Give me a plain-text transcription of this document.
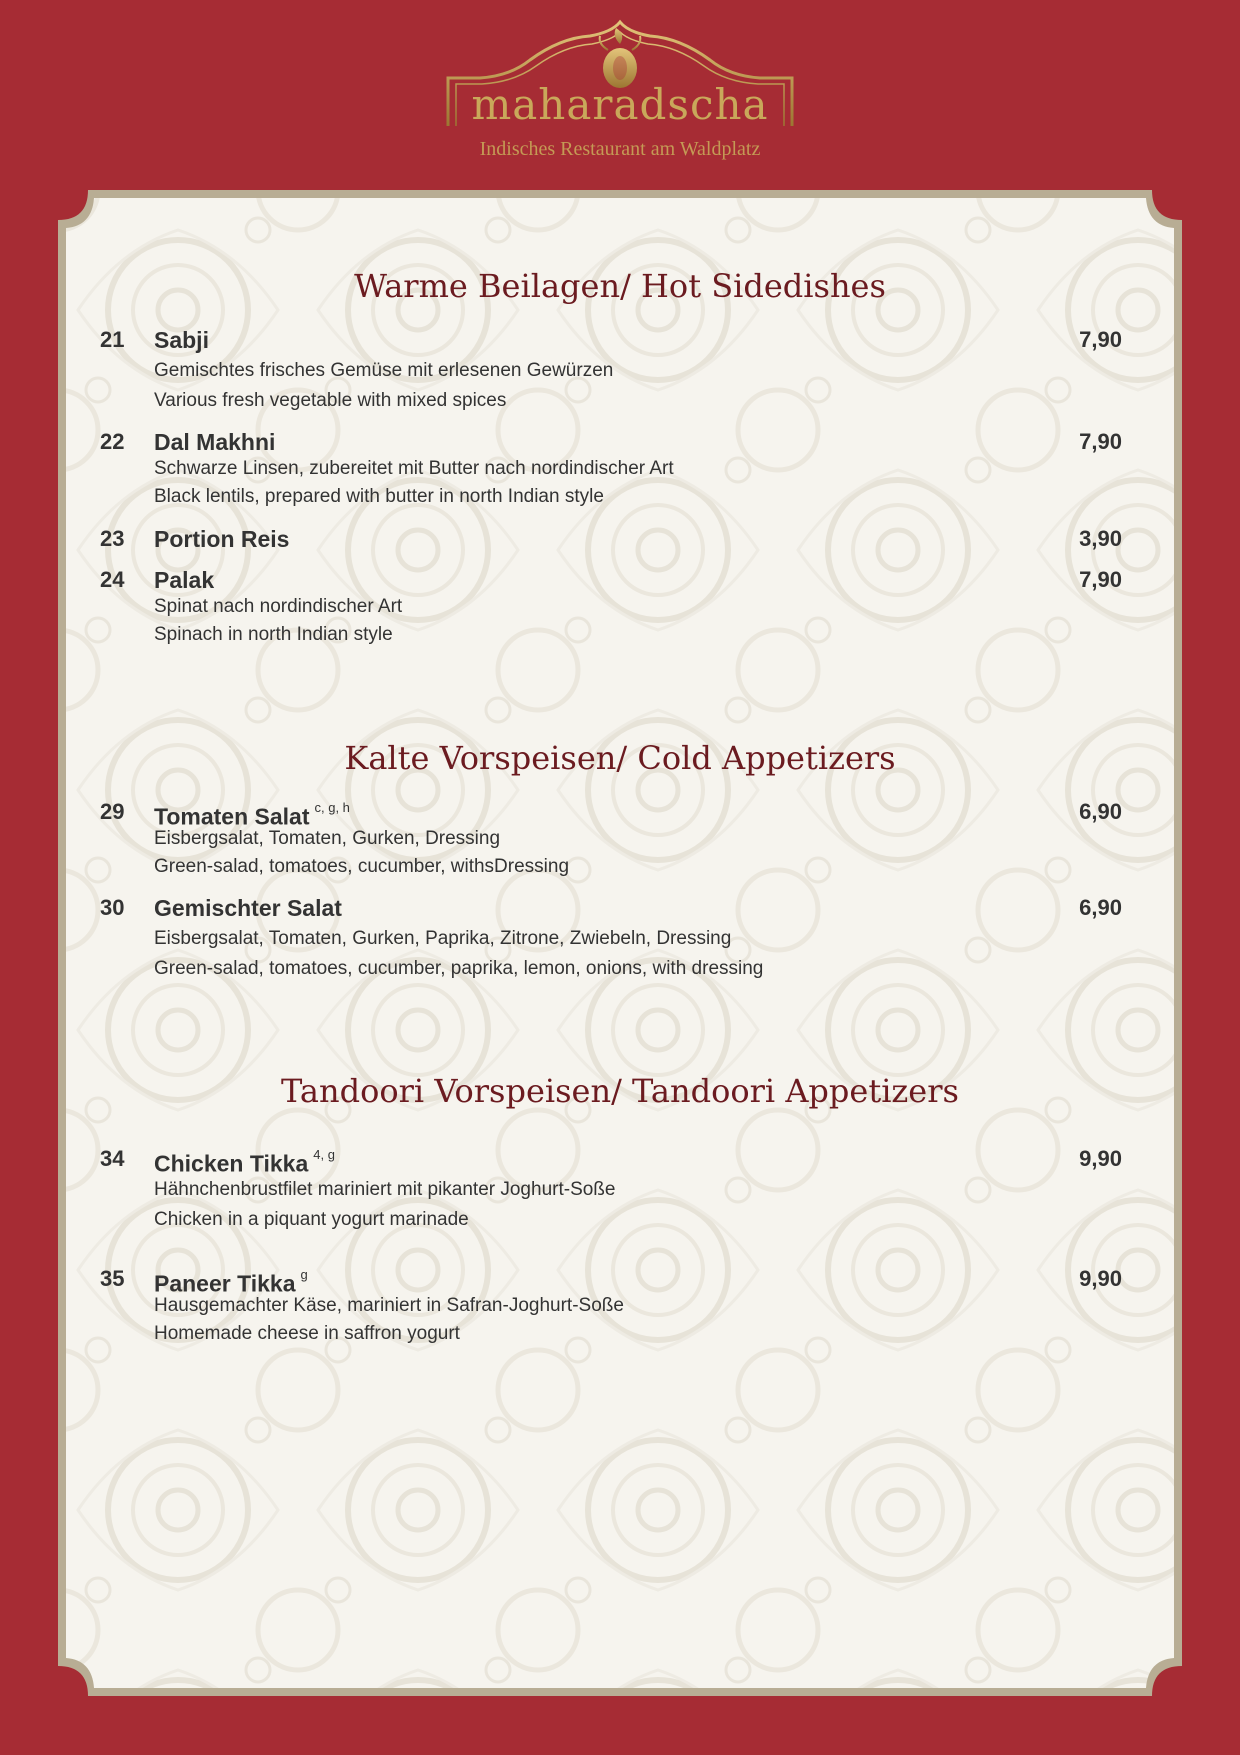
maharadscha
Indisches Restaurant am Waldplatz
Warme Beilagen/ Hot Sidedishes
21 Sabji	7,90
Gemischtes frisches Gemüse mit erlesenen Gewürzen
Various fresh vegetable with mixed spices
22 Dal Makhni	7,90
Schwarze Linsen, zubereitet mit Butter nach nordindischer Art
Black lentils, prepared with butter in north Indian style
23 Portion Reis	3,90
24 Palak	7,90
Spinat nach nordindischer Art
Spinach in north Indian style
Kalte Vorspeisen/ Cold Appetizers
29 Tomaten Salat $^{c, g, h}$	6,90
Eisbergsalat, Tomaten, Gurken, Dressing
Green-salad, tomatoes, cucumber, withsDressing
30 Gemischter Salat	6,90
Eisbergsalat, Tomaten, Gurken, Paprika, Zitrone, Zwiebeln, Dressing
Green-salad, tomatoes, cucumber, paprika, lemon, onions, with dressing
Tandoori Vorspeisen/ Tandoori Appetizers
34 Chicken Tikka $^{4, g}$	9,90
Hähnchenbrustfilet mariniert mit pikanter Joghurt-Soße
Chicken in a piquant yogurt marinade
35 Paneer Tikka $^g$	9,90
Hausgemachter Käse, mariniert in Safran-Joghurt-Soße
Homemade cheese in saffron yogurt
